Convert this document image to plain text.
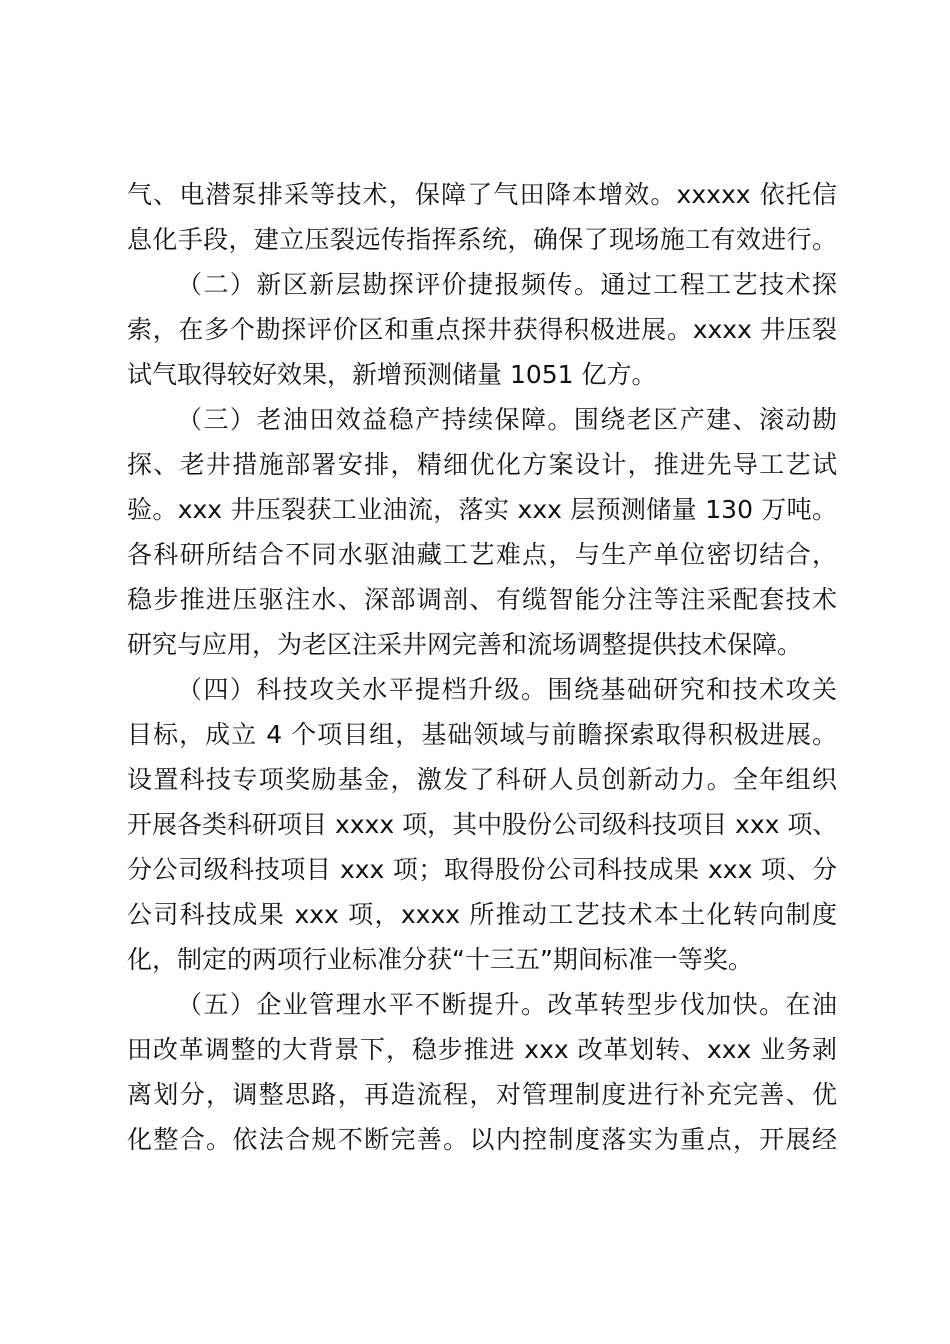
气、电潜泵排采等技术，保障了气田降本增效。xxxxx 依托信

息化手段，建立压裂远传指挥系统，确保了现场施工有效进行。

（二）新区新层勘探评价捷报频传。通过工程工艺技术探

索，在多个勘探评价区和重点探井获得积极进展。xxxx 井压裂

试气取得较好效果，新增预测储量 1051 亿方。

（三）老油田效益稳产持续保障。围绕老区产建、滚动勘

探、老井措施部署安排，精细优化方案设计，推进先导工艺试

验。xxx 井压裂获工业油流，落实 xxx 层预测储量 130 万吨。

各科研所结合不同水驱油藏工艺难点，与生产单位密切结合，

稳步推进压驱注水、深部调剖、有缆智能分注等注采配套技术

研究与应用，为老区注采井网完善和流场调整提供技术保障。

（四）科技攻关水平提档升级。围绕基础研究和技术攻关

目标，成立 4 个项目组，基础领域与前瞻探索取得积极进展。

设置科技专项奖励基金，激发了科研人员创新动力。全年组织

开展各类科研项目 xxxx 项，其中股份公司级科技项目 xxx 项、

分公司级科技项目 xxx 项；取得股份公司科技成果 xxx 项、分

公司科技成果 xxx 项，xxxx 所推动工艺技术本土化转向制度

化，制定的两项行业标准分获“十三五”期间标准一等奖。

（五）企业管理水平不断提升。改革转型步伐加快。在油

田改革调整的大背景下，稳步推进 xxx 改革划转、xxx 业务剥

离划分，调整思路，再造流程，对管理制度进行补充完善、优

化整合。依法合规不断完善。以内控制度落实为重点，开展经
